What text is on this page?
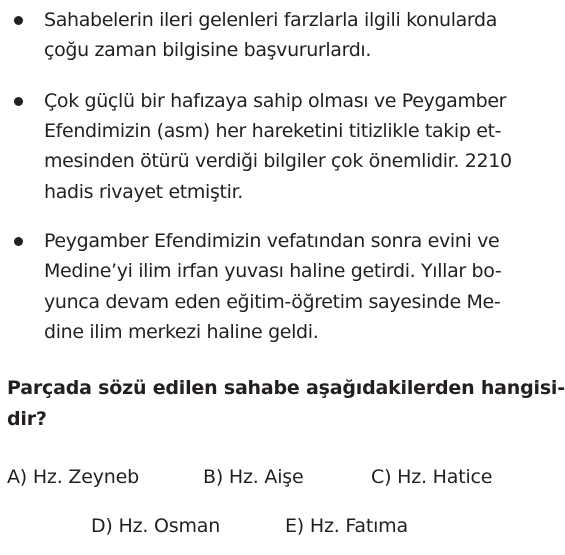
Sahabelerin ileri gelenleri farzlarla ilgili konularda
çoğu zaman bilgisine başvururlardı.
Çok güçlü bir hafızaya sahip olması ve Peygamber
Efendimizin (asm) her hareketini titizlikle takip et-
mesinden ötürü verdiği bilgiler çok önemlidir. 2210
hadis rivayet etmiştir.
Peygamber Efendimizin vefatından sonra evini ve
Medine’yi ilim irfan yuvası haline getirdi. Yıllar bo-
yunca devam eden eğitim-öğretim sayesinde Me-
dine ilim merkezi haline geldi.
Parçada sözü edilen sahabe aşağıdakilerden hangisi-
dir?
A) Hz. Zeyneb	B) Hz. Aişe	C) Hz. Hatice
D) Hz. Osman	E) Hz. Fatıma
